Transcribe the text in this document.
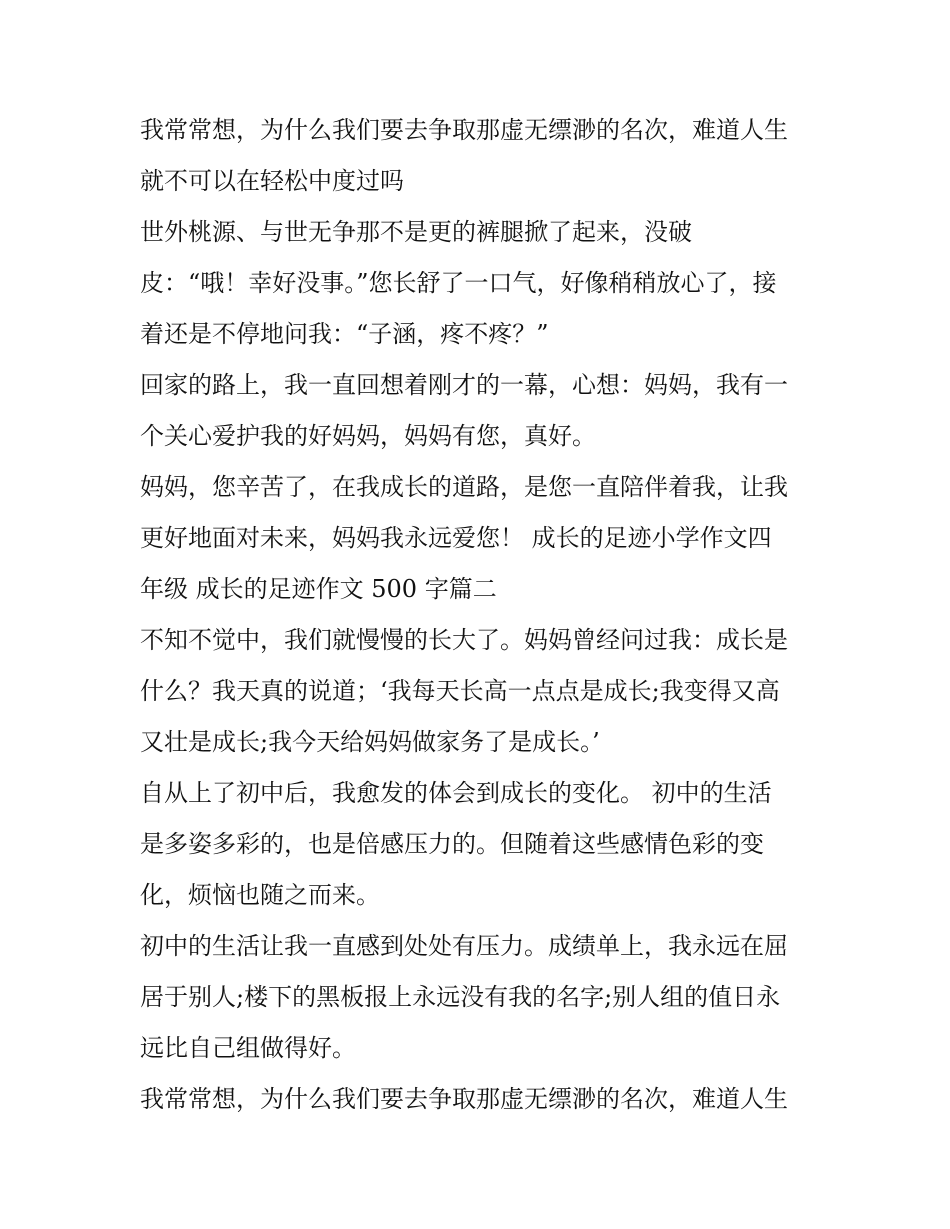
我常常想，为什么我们要去争取那虚无缥渺的名次，难道人生
就不可以在轻松中度过吗
世外桃源、与世无争那不是更的裤腿掀了起来，没破
皮：“哦！幸好没事。”您长舒了一口气，好像稍稍放心了，接
着还是不停地问我：“子涵，疼不疼？”
回家的路上，我一直回想着刚才的一幕，心想：妈妈，我有一
个关心爱护我的好妈妈，妈妈有您，真好。
妈妈，您辛苦了，在我成长的道路，是您一直陪伴着我，让我
更好地面对未来，妈妈我永远爱您！ 成长的足迹小学作文四
年级 成长的足迹作文 500 字篇二
不知不觉中，我们就慢慢的长大了。妈妈曾经问过我：成长是
什么？我天真的说道；‘我每天长高一点点是成长;我变得又高
又壮是成长;我今天给妈妈做家务了是成长。’
自从上了初中后，我愈发的体会到成长的变化。 初中的生活
是多姿多彩的，也是倍感压力的。但随着这些感情色彩的变
化，烦恼也随之而来。
初中的生活让我一直感到处处有压力。成绩单上，我永远在屈
居于别人;楼下的黑板报上永远没有我的名字;别人组的值日永
远比自己组做得好。
我常常想，为什么我们要去争取那虚无缥渺的名次，难道人生
